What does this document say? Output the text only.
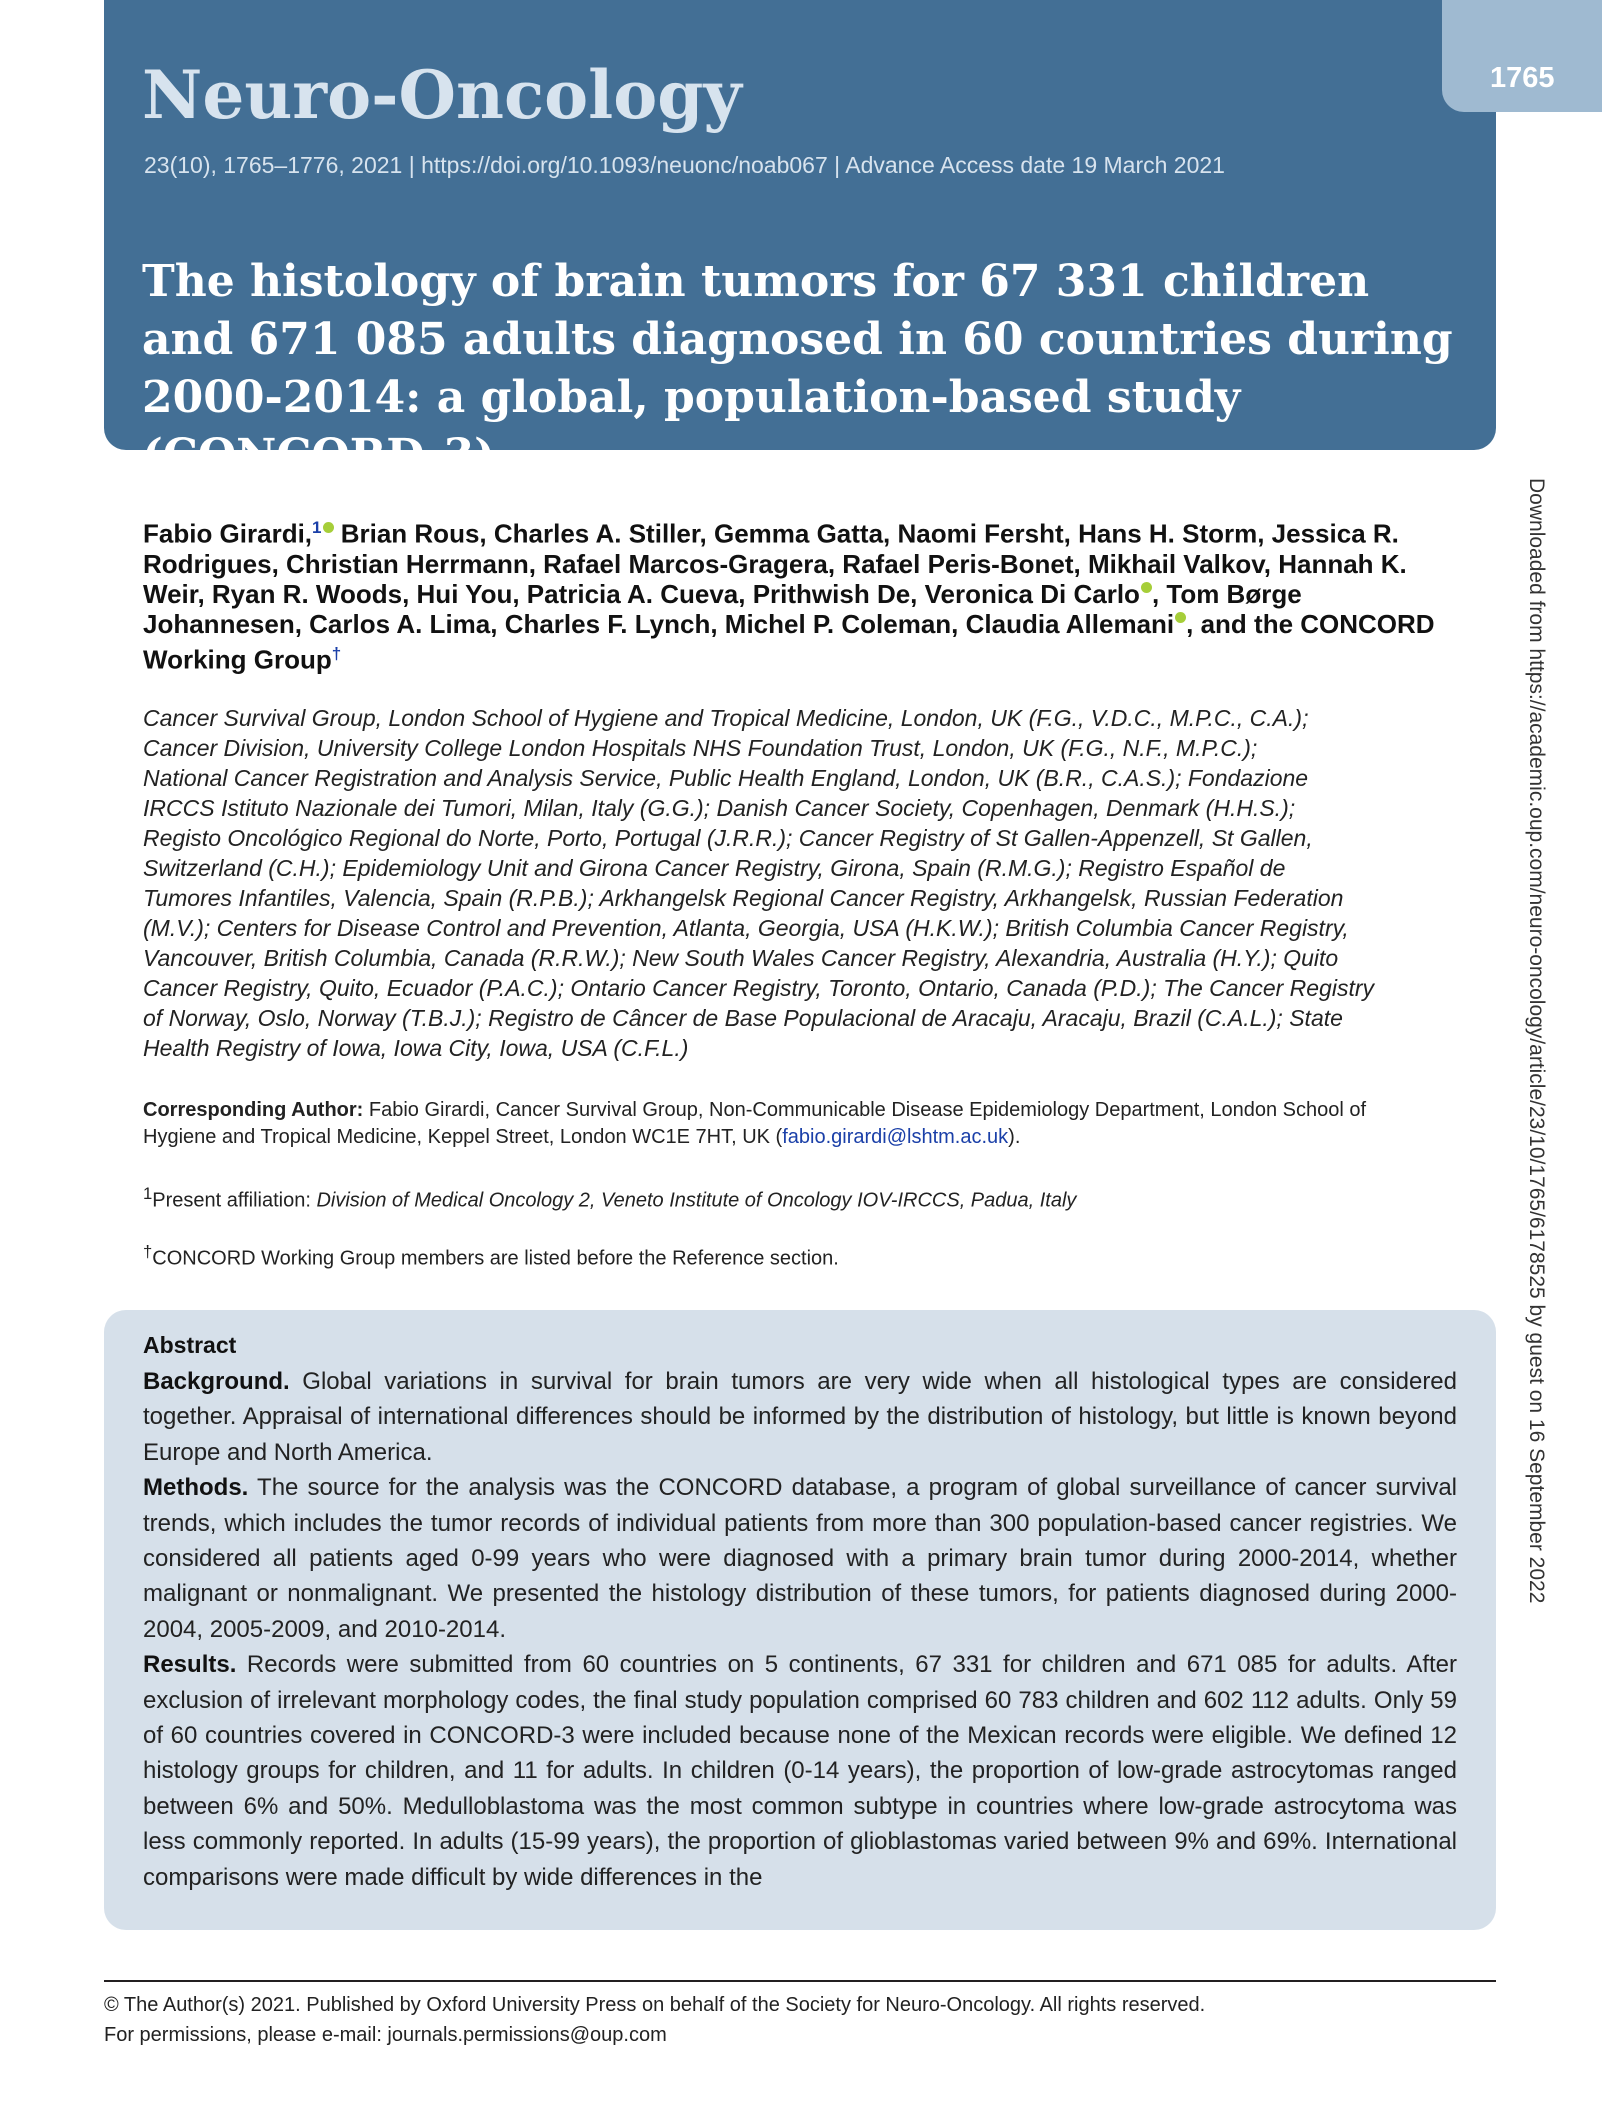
Neuro-Oncology
23(10), 1765–1776, 2021 | https://doi.org/10.1093/neuonc/noab067 | Advance Access date 19 March 2021
The histology of brain tumors for 67 331 children and 671 085 adults diagnosed in 60 countries during 2000-2014: a global, population-based study (CONCORD-3)
1765
Downloaded from https://academic.oup.com/neuro-oncology/article/23/10/1765/6178525 by guest on 16 September 2022
Fabio Girardi,$^1$ Brian Rous, Charles A. Stiller, Gemma Gatta, Naomi Fersht, Hans H. Storm, Jessica R. Rodrigues, Christian Herrmann, Rafael Marcos-Gragera, Rafael Peris-Bonet, Mikhail Valkov, Hannah K. Weir, Ryan R. Woods, Hui You, Patricia A. Cueva, Prithwish De, Veronica Di Carlo , Tom Børge Johannesen, Carlos A. Lima, Charles F. Lynch, Michel P. Coleman, Claudia Allemani , and the CONCORD Working Group†
Cancer Survival Group, London School of Hygiene and Tropical Medicine, London, UK (F.G., V.D.C., M.P.C., C.A.);
Cancer Division, University College London Hospitals NHS Foundation Trust, London, UK (F.G., N.F., M.P.C.);
National Cancer Registration and Analysis Service, Public Health England, London, UK (B.R., C.A.S.); Fondazione
IRCCS Istituto Nazionale dei Tumori, Milan, Italy (G.G.); Danish Cancer Society, Copenhagen, Denmark (H.H.S.);
Registo Oncológico Regional do Norte, Porto, Portugal (J.R.R.); Cancer Registry of St Gallen-Appenzell, St Gallen,
Switzerland (C.H.); Epidemiology Unit and Girona Cancer Registry, Girona, Spain (R.M.G.); Registro Español de
Tumores Infantiles, Valencia, Spain (R.P.B.); Arkhangelsk Regional Cancer Registry, Arkhangelsk, Russian Federation
(M.V.); Centers for Disease Control and Prevention, Atlanta, Georgia, USA (H.K.W.); British Columbia Cancer Registry,
Vancouver, British Columbia, Canada (R.R.W.); New South Wales Cancer Registry, Alexandria, Australia (H.Y.); Quito
Cancer Registry, Quito, Ecuador (P.A.C.); Ontario Cancer Registry, Toronto, Ontario, Canada (P.D.); The Cancer Registry
of Norway, Oslo, Norway (T.B.J.); Registro de Câncer de Base Populacional de Aracaju, Aracaju, Brazil (C.A.L.); State
Health Registry of Iowa, Iowa City, Iowa, USA (C.F.L.)
Corresponding Author: Fabio Girardi, Cancer Survival Group, Non-Communicable Disease Epidemiology Department, London School of Hygiene and Tropical Medicine, Keppel Street, London WC1E 7HT, UK (fabio.girardi@lshtm.ac.uk).
$^1$Present affiliation: Division of Medical Oncology 2, Veneto Institute of Oncology IOV-IRCCS, Padua, Italy
†CONCORD Working Group members are listed before the Reference section.
Abstract

Background. Global variations in survival for brain tumors are very wide when all histological types are considered together. Appraisal of international differences should be informed by the distribution of histology, but little is known beyond Europe and North America.

Methods. The source for the analysis was the CONCORD database, a program of global surveillance of cancer survival trends, which includes the tumor records of individual patients from more than 300 population-based cancer registries. We considered all patients aged 0-99 years who were diagnosed with a primary brain tumor during 2000-2014, whether malignant or nonmalignant. We presented the histology distribution of these tumors, for patients diagnosed during 2000-2004, 2005-2009, and 2010-2014.

Results. Records were submitted from 60 countries on 5 continents, 67 331 for children and 671 085 for adults. After exclusion of irrelevant morphology codes, the final study population comprised 60 783 children and 602 112 adults. Only 59 of 60 countries covered in CONCORD-3 were included because none of the Mexican records were eligible. We defined 12 histology groups for children, and 11 for adults. In children (0-14 years), the proportion of low-grade astrocytomas ranged between 6% and 50%. Medulloblastoma was the most common subtype in countries where low-grade astrocytoma was less commonly reported. In adults (15-99 years), the proportion of glioblastomas varied between 9% and 69%. International comparisons were made difficult by wide differences in the

© The Author(s) 2021. Published by Oxford University Press on behalf of the Society for Neuro-Oncology. All rights reserved.
For permissions, please e-mail: journals.permissions@oup.com
